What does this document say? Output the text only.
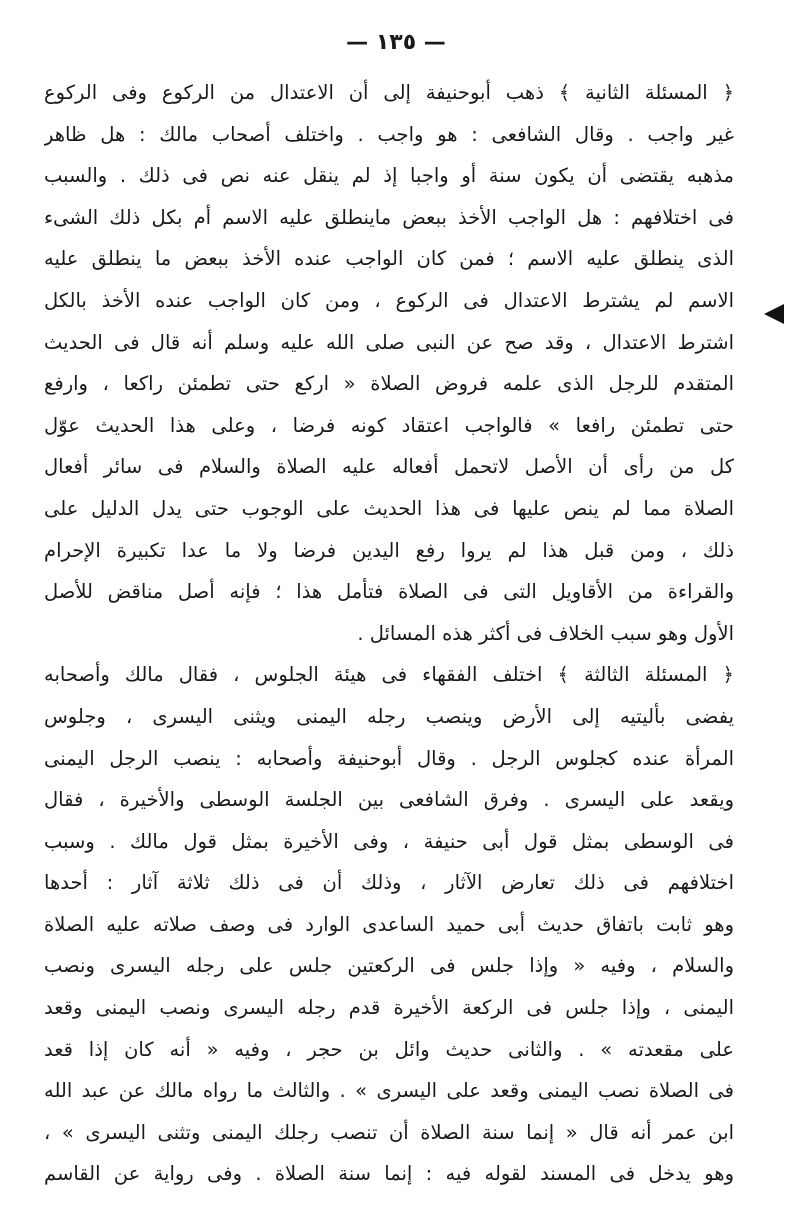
— ١٣٥ —
﴿ المسئلة الثانية ﴾ ذهب أبوحنيفة إلى أن الاعتدال من الركوع وفى الركوع
غير واجب . وقال الشافعى : هو واجب . واختلف أصحاب مالك : هل ظاهر
مذهبه يقتضى أن يكون سنة أو واجبا إذ لم ينقل عنه نص فى ذلك . والسبب
فى اختلافهم : هل الواجب الأخذ ببعض ماينطلق عليه الاسم أم بكل ذلك الشىء
الذى ينطلق عليه الاسم ؛ فمن كان الواجب عنده الأخذ ببعض ما ينطلق عليه
الاسم لم يشترط الاعتدال فى الركوع ، ومن كان الواجب عنده الأخذ بالكل
اشترط الاعتدال ، وقد صح عن النبى صلى الله عليه وسلم أنه قال فى الحديث
المتقدم للرجل الذى علمه فروض الصلاة « اركع حتى تطمئن راكعا ، وارفع
حتى تطمئن رافعا » فالواجب اعتقاد كونه فرضا ، وعلى هذا الحديث عوّل
كل من رأى أن الأصل لاتحمل أفعاله عليه الصلاة والسلام فى سائر أفعال
الصلاة مما لم ينص عليها فى هذا الحديث على الوجوب حتى يدل الدليل على
ذلك ، ومن قبل هذا لم يروا رفع اليدين فرضا ولا ما عدا تكبيرة الإحرام
والقراءة من الأقاويل التى فى الصلاة فتأمل هذا ؛ فإنه أصل مناقض للأصل
الأول وهو سبب الخلاف فى أكثر هذه المسائل .
﴿ المسئلة الثالثة ﴾ اختلف الفقهاء فى هيئة الجلوس ، فقال مالك وأصحابه
يفضى بأليتيه إلى الأرض وينصب رجله اليمنى ويثنى اليسرى ، وجلوس
المرأة عنده كجلوس الرجل . وقال أبوحنيفة وأصحابه : ينصب الرجل اليمنى
ويقعد على اليسرى . وفرق الشافعى بين الجلسة الوسطى والأخيرة ، فقال
فى الوسطى بمثل قول أبى حنيفة ، وفى الأخيرة بمثل قول مالك . وسبب
اختلافهم فى ذلك تعارض الآثار ، وذلك أن فى ذلك ثلاثة آثار : أحدها
وهو ثابت باتفاق حديث أبى حميد الساعدى الوارد فى وصف صلاته عليه الصلاة
والسلام ، وفيه « وإذا جلس فى الركعتين جلس على رجله اليسرى ونصب
اليمنى ، وإذا جلس فى الركعة الأخيرة قدم رجله اليسرى ونصب اليمنى وقعد
على مقعدته » . والثانى حديث وائل بن حجر ، وفيه « أنه كان إذا قعد
فى الصلاة نصب اليمنى وقعد على اليسرى » . والثالث ما رواه مالك عن عبد الله
ابن عمر أنه قال « إنما سنة الصلاة أن تنصب رجلك اليمنى وتثنى اليسرى » ،
وهو يدخل فى المسند لقوله فيه : إنما سنة الصلاة . وفى رواية عن القاسم
